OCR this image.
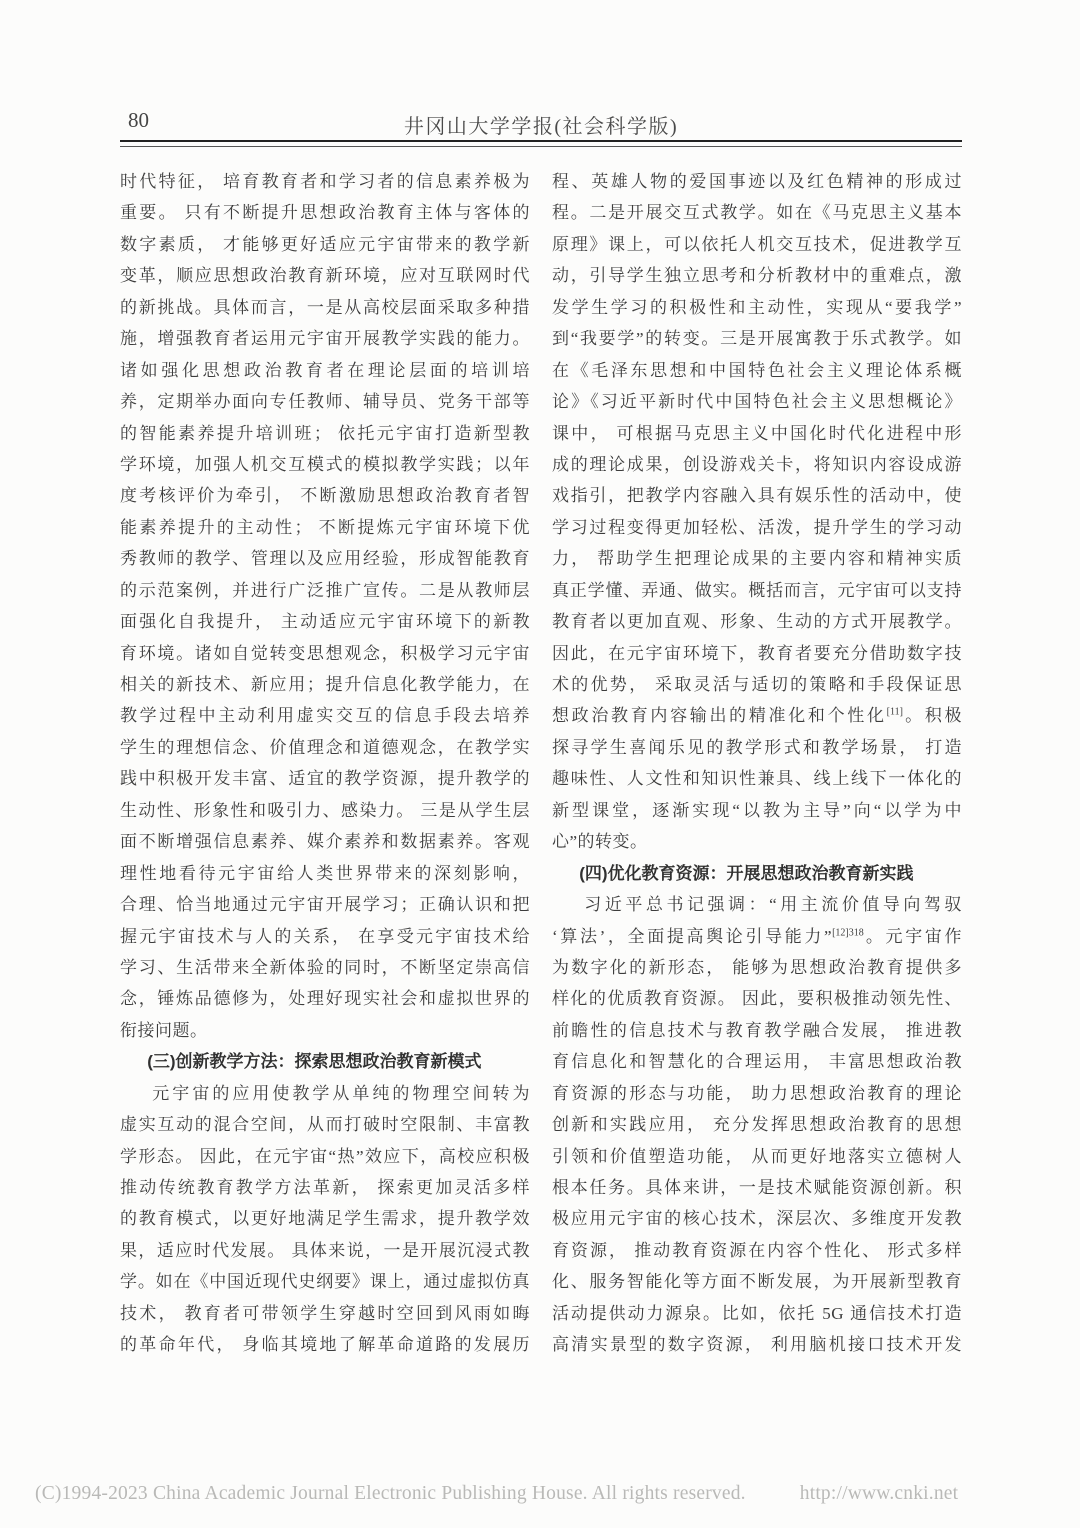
80	井冈山大学学报(社会科学版)
时代特征， 培育教育者和学习者的信息素养极为
重要。 只有不断提升思想政治教育主体与客体的
数字素质， 才能够更好适应元宇宙带来的教学新
变革，顺应思想政治教育新环境，应对互联网时代
的新挑战。具体而言，一是从高校层面采取多种措
施，增强教育者运用元宇宙开展教学实践的能力。
诸如强化思想政治教育者在理论层面的培训培
养，定期举办面向专任教师、辅导员、党务干部等
的智能素养提升培训班； 依托元宇宙打造新型教
学环境，加强人机交互模式的模拟教学实践；以年
度考核评价为牵引， 不断激励思想政治教育者智
能素养提升的主动性； 不断提炼元宇宙环境下优
秀教师的教学、管理以及应用经验，形成智能教育
的示范案例，并进行广泛推广宣传。二是从教师层
面强化自我提升， 主动适应元宇宙环境下的新教
育环境。诸如自觉转变思想观念，积极学习元宇宙
相关的新技术、新应用；提升信息化教学能力，在
教学过程中主动利用虚实交互的信息手段去培养
学生的理想信念、价值理念和道德观念，在教学实
践中积极开发丰富、适宜的教学资源，提升教学的
生动性、形象性和吸引力、感染力。 三是从学生层
面不断增强信息素养、媒介素养和数据素养。客观
理性地看待元宇宙给人类世界带来的深刻影响，
合理、恰当地通过元宇宙开展学习；正确认识和把
握元宇宙技术与人的关系， 在享受元宇宙技术给
学习、生活带来全新体验的同时，不断坚定崇高信
念，锤炼品德修为，处理好现实社会和虚拟世界的
衔接问题。
(三)创新教学方法：探索思想政治教育新模式
元宇宙的应用使教学从单纯的物理空间转为
虚实互动的混合空间，从而打破时空限制、丰富教
学形态。 因此，在元宇宙“热”效应下，高校应积极
推动传统教育教学方法革新， 探索更加灵活多样
的教育模式，以更好地满足学生需求，提升教学效
果，适应时代发展。 具体来说，一是开展沉浸式教
学。如在《中国近现代史纲要》课上，通过虚拟仿真
技术， 教育者可带领学生穿越时空回到风雨如晦
的革命年代， 身临其境地了解革命道路的发展历
程、英雄人物的爱国事迹以及红色精神的形成过
程。二是开展交互式教学。如在《马克思主义基本
原理》课上，可以依托人机交互技术，促进教学互
动，引导学生独立思考和分析教材中的重难点，激
发学生学习的积极性和主动性，实现从“要我学”
到“我要学”的转变。三是开展寓教于乐式教学。如
在《毛泽东思想和中国特色社会主义理论体系概
论》《习近平新时代中国特色社会主义思想概论》
课中， 可根据马克思主义中国化时代化进程中形
成的理论成果，创设游戏关卡，将知识内容设成游
戏指引，把教学内容融入具有娱乐性的活动中，使
学习过程变得更加轻松、活泼，提升学生的学习动
力， 帮助学生把理论成果的主要内容和精神实质
真正学懂、弄通、做实。概括而言，元宇宙可以支持
教育者以更加直观、形象、生动的方式开展教学。
因此，在元宇宙环境下，教育者要充分借助数字技
术的优势， 采取灵活与适切的策略和手段保证思
想政治教育内容输出的精准化和个性化[11]。积极
探寻学生喜闻乐见的教学形式和教学场景， 打造
趣味性、人文性和知识性兼具、线上线下一体化的
新型课堂，逐渐实现“以教为主导”向“以学为中
心”的转变。
(四)优化教育资源：开展思想政治教育新实践
习近平总书记强调：“用主流价值导向驾驭
‘算法’，全面提高舆论引导能力”$^{[12]318}$。元宇宙作
为数字化的新形态， 能够为思想政治教育提供多
样化的优质教育资源。 因此，要积极推动领先性、
前瞻性的信息技术与教育教学融合发展， 推进教
育信息化和智慧化的合理运用， 丰富思想政治教
育资源的形态与功能， 助力思想政治教育的理论
创新和实践应用， 充分发挥思想政治教育的思想
引领和价值塑造功能， 从而更好地落实立德树人
根本任务。具体来讲，一是技术赋能资源创新。积
极应用元宇宙的核心技术，深层次、多维度开发教
育资源， 推动教育资源在内容个性化、 形式多样
化、服务智能化等方面不断发展，为开展新型教育
活动提供动力源泉。比如，依托 5G 通信技术打造
高清实景型的数字资源， 利用脑机接口技术开发
(C)1994-2023 China Academic Journal Electronic Publishing House. All rights reserved.	http://www.cnki.net
